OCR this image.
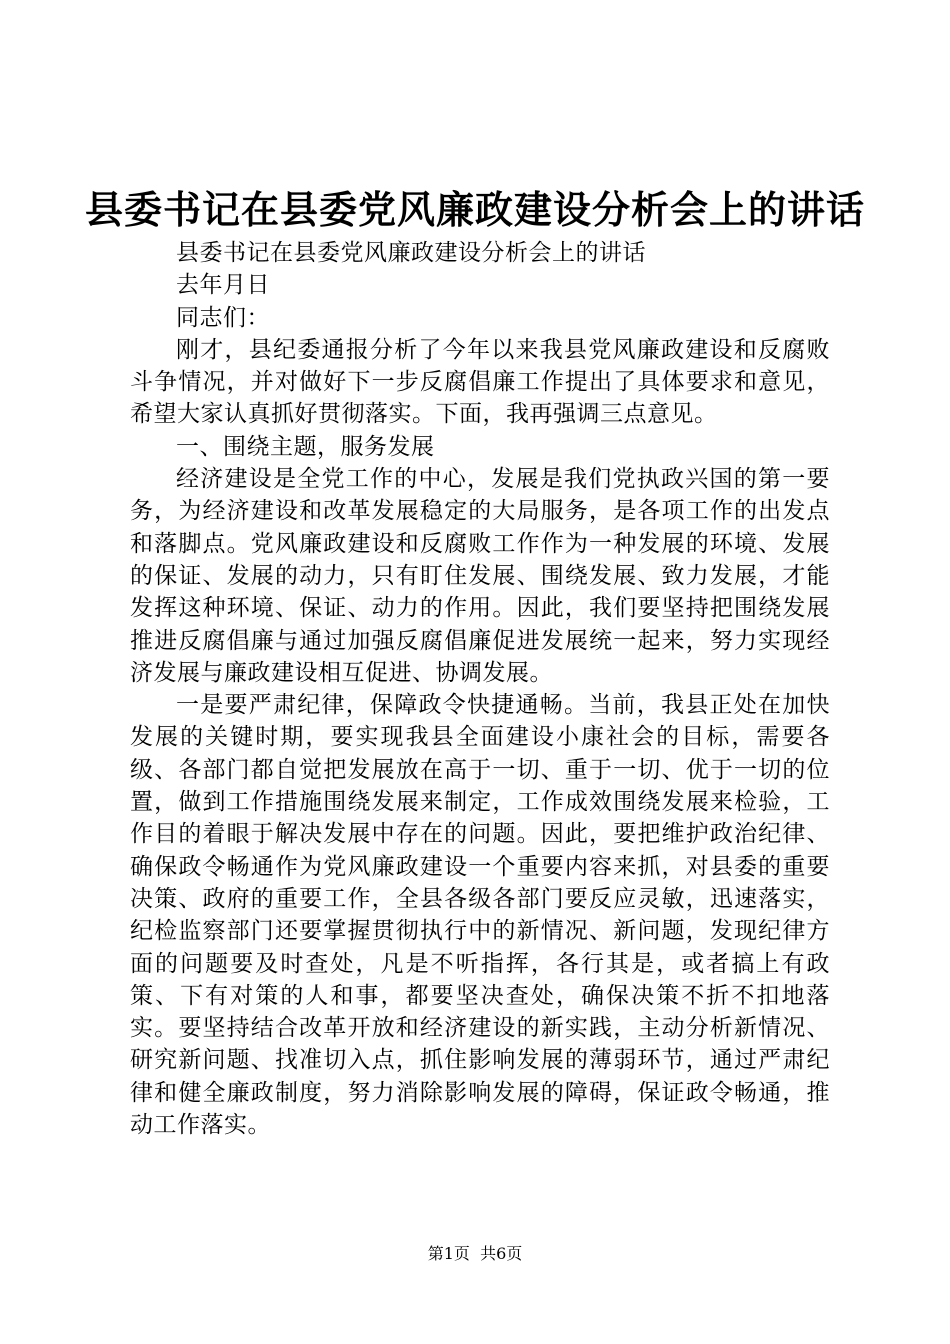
县委书记在县委党风廉政建设分析会上的讲话

县委书记在县委党风廉政建设分析会上的讲话

去年月日

同志们：

刚才，县纪委通报分析了今年以来我县党风廉政建设和反腐败斗争情况，并对做好下一步反腐倡廉工作提出了具体要求和意见，希望大家认真抓好贯彻落实。下面，我再强调三点意见。

一、围绕主题，服务发展

经济建设是全党工作的中心，发展是我们党执政兴国的第一要务，为经济建设和改革发展稳定的大局服务，是各项工作的出发点和落脚点。党风廉政建设和反腐败工作作为一种发展的环境、发展的保证、发展的动力，只有盯住发展、围绕发展、致力发展，才能发挥这种环境、保证、动力的作用。因此，我们要坚持把围绕发展推进反腐倡廉与通过加强反腐倡廉促进发展统一起来，努力实现经济发展与廉政建设相互促进、协调发展。

一是要严肃纪律，保障政令快捷通畅。当前，我县正处在加快发展的关键时期，要实现我县全面建设小康社会的目标，需要各级、各部门都自觉把发展放在高于一切、重于一切、优于一切的位置，做到工作措施围绕发展来制定，工作成效围绕发展来检验，工作目的着眼于解决发展中存在的问题。因此，要把维护政治纪律、确保政令畅通作为党风廉政建设一个重要内容来抓，对县委的重要决策、政府的重要工作，全县各级各部门要反应灵敏，迅速落实，纪检监察部门还要掌握贯彻执行中的新情况、新问题，发现纪律方面的问题要及时查处，凡是不听指挥，各行其是，或者搞上有政策、下有对策的人和事，都要坚决查处，确保决策不折不扣地落实。要坚持结合改革开放和经济建设的新实践，主动分析新情况、研究新问题、找准切入点，抓住影响发展的薄弱环节，通过严肃纪律和健全廉政制度，努力消除影响发展的障碍，保证政令畅通，推动工作落实。

第1页  共6页
